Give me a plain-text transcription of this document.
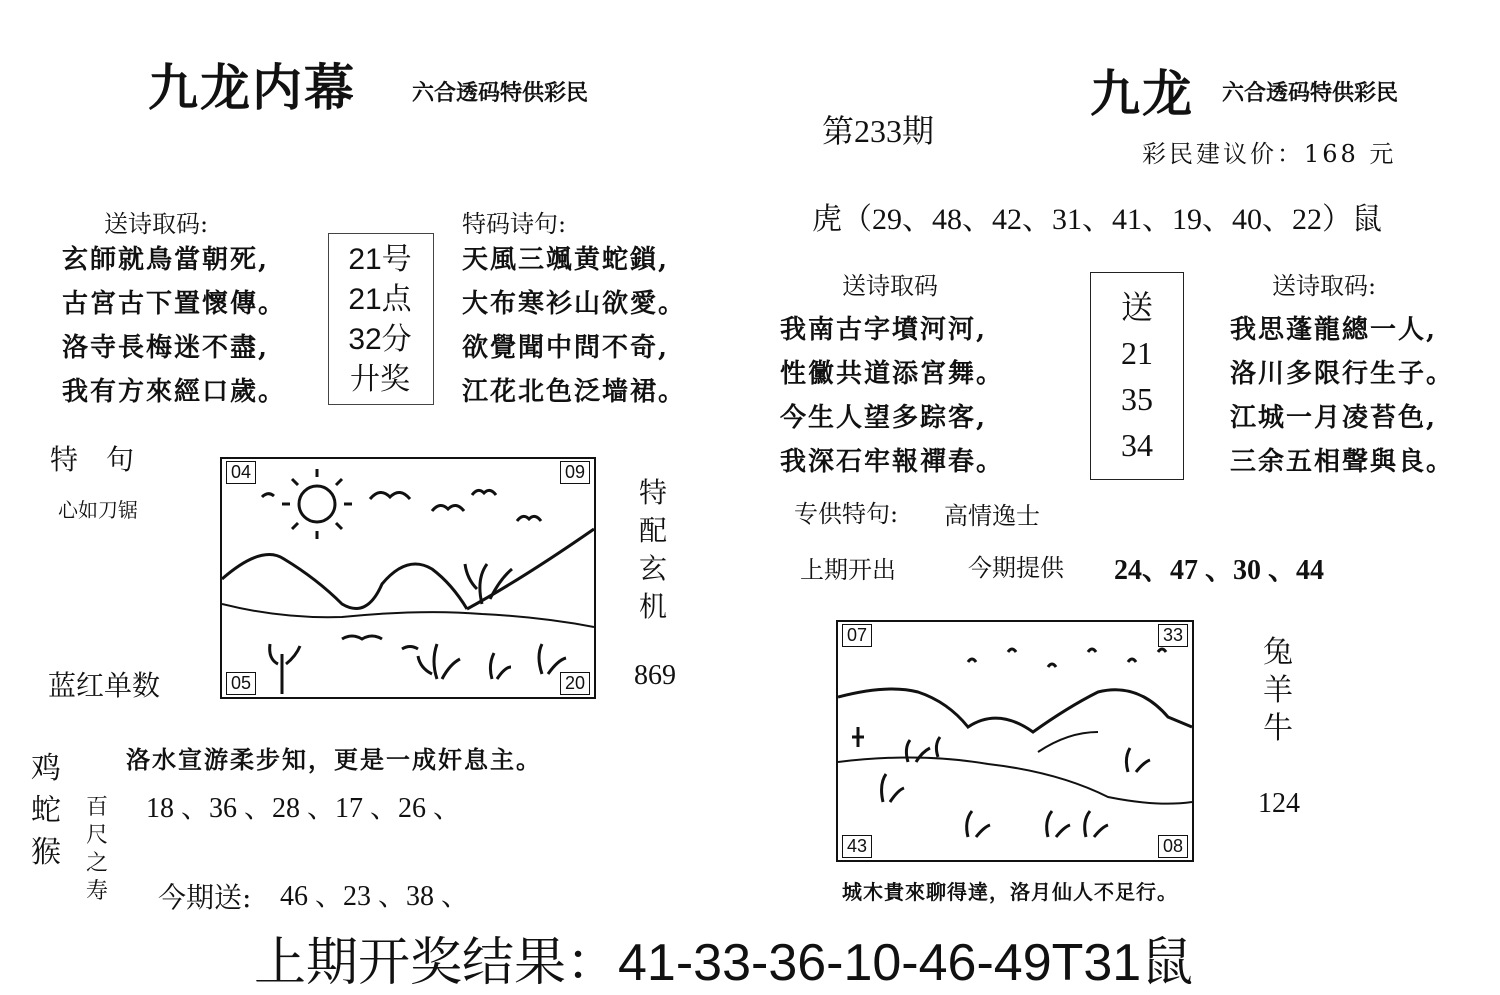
九龙内幕	六合透码特供彩民
送诗取码:
玄師就鳥當朝死,
古宮古下置懷傳。
洛寺長梅迷不盡,
我有方來經口歲。
21号
21点
32分
廾奖
特码诗句:
天風三颯黄蛇鎖,
大布寒衫山欲愛。
欲覺聞中問不奇,
江花北色泛墙裙。
特　句
心如刀锯
蓝红单数
04	09
05	20
特配玄机
869
洛水宣游柔步知，更是一成奸息主。
鸡蛇猴
百尺之寿
18 、36 、28 、17 、26 、
今期送: 46 、23 、38 、
九龙 六合透码特供彩民
第233期
彩民建议价：168 元
虎（29、48、42、31、41、19、40、22）鼠
送诗取码
我南古字墳河河,
性黴共道添宮舞。
今生人望多踪客,
我深石牢報禪春。
送
21
35
34
送诗取码:
我思蓬龍總一人,
洛川多限行生子。
江城一月凌苔色,
三余五相聲與良。
专供特句: 高情逸士
上期开出	今期提供 24、47 、30 、44
07	33
43	08
兔羊牛
124
城木貴來聊得達，洛月仙人不足行。
上期开奖结果：41-33-36-10-46-49T31鼠
